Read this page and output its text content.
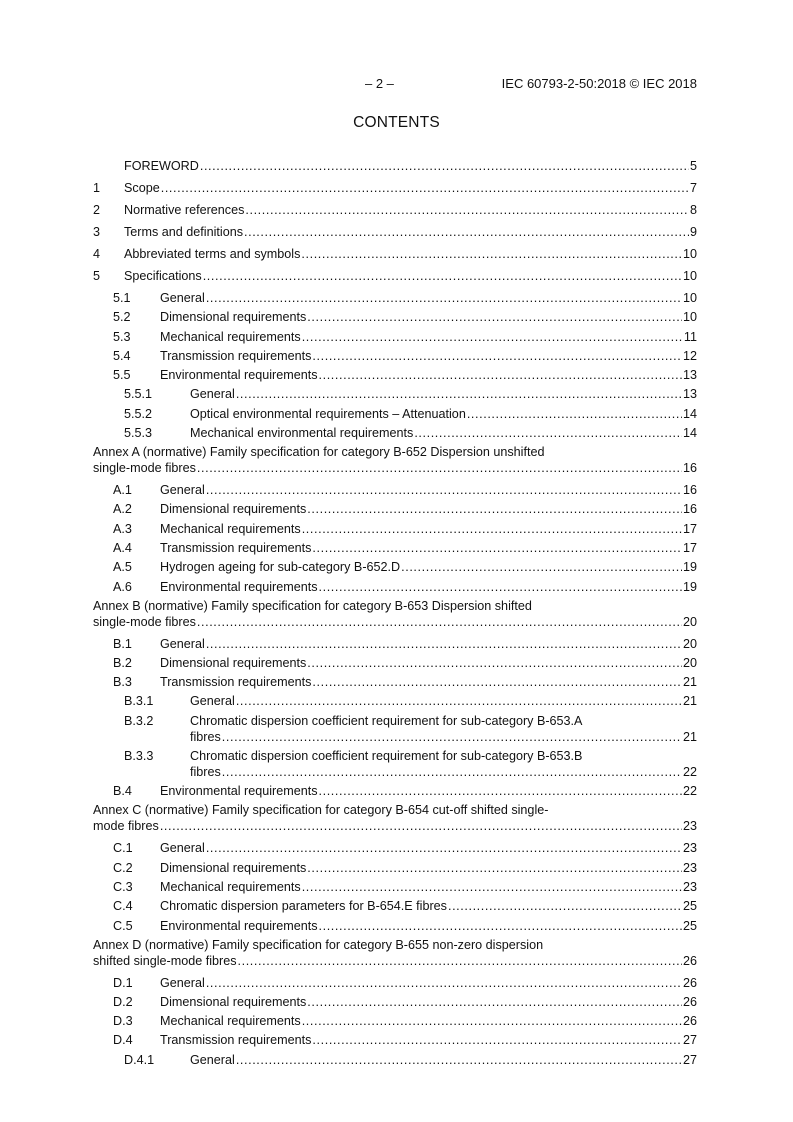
– 2 –	IEC 60793-2-50:2018 © IEC 2018
CONTENTS
FOREWORD .....	5
1	Scope .....	7
2	Normative references .....	8
3	Terms and definitions .....	9
4	Abbreviated terms and symbols .....	10
5	Specifications .....	10
5.1	General .....	10
5.2	Dimensional requirements .....	10
5.3	Mechanical requirements .....	11
5.4	Transmission requirements .....	12
5.5	Environmental requirements .....	13
5.5.1	General .....	13
5.5.2	Optical environmental requirements – Attenuation .....	14
5.5.3	Mechanical environmental requirements .....	14
Annex A (normative) Family specification for category B-652 Dispersion unshifted
single-mode fibres .....	16
A.1	General .....	16
A.2	Dimensional requirements .....	16
A.3	Mechanical requirements .....	17
A.4	Transmission requirements .....	17
A.5	Hydrogen ageing for sub-category B-652.D .....	19
A.6	Environmental requirements .....	19
Annex B (normative) Family specification for category B-653 Dispersion shifted
single-mode fibres .....	20
B.1	General .....	20
B.2	Dimensional requirements .....	20
B.3	Transmission requirements .....	21
B.3.1	General .....	21
B.3.2	Chromatic dispersion coefficient requirement for sub-category B-653.A
fibres .....	21
B.3.3	Chromatic dispersion coefficient requirement for sub-category B-653.B
fibres .....	22
B.4	Environmental requirements .....	22
Annex C (normative) Family specification for category B-654 cut-off shifted single-
mode fibres .....	23
C.1	General .....	23
C.2	Dimensional requirements .....	23
C.3	Mechanical requirements .....	23
C.4	Chromatic dispersion parameters for B-654.E fibres .....	25
C.5	Environmental requirements .....	25
Annex D (normative) Family specification for category B-655 non-zero dispersion
shifted single-mode fibres .....	26
D.1	General .....	26
D.2	Dimensional requirements .....	26
D.3	Mechanical requirements .....	26
D.4	Transmission requirements .....	27
D.4.1	General .....	27
